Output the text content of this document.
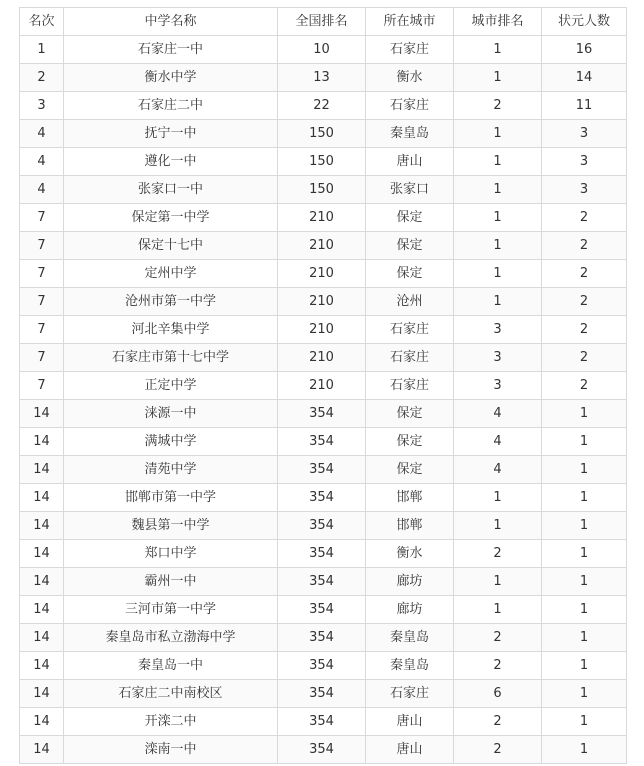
名次	中学名称	全国排名	所在城市	城市排名	状元人数
1	石家庄一中	10	石家庄	1	16
2	衡水中学	13	衡水	1	14
3	石家庄二中	22	石家庄	2	11
4	抚宁一中	150	秦皇岛	1	3
4	遵化一中	150	唐山	1	3
4	张家口一中	150	张家口	1	3
7	保定第一中学	210	保定	1	2
7	保定十七中	210	保定	1	2
7	定州中学	210	保定	1	2
7	沧州市第一中学	210	沧州	1	2
7	河北辛集中学	210	石家庄	3	2
7	石家庄市第十七中学	210	石家庄	3	2
7	正定中学	210	石家庄	3	2
14	涞源一中	354	保定	4	1
14	满城中学	354	保定	4	1
14	清苑中学	354	保定	4	1
14	邯郸市第一中学	354	邯郸	1	1
14	魏县第一中学	354	邯郸	1	1
14	郑口中学	354	衡水	2	1
14	霸州一中	354	廊坊	1	1
14	三河市第一中学	354	廊坊	1	1
14	秦皇岛市私立渤海中学	354	秦皇岛	2	1
14	秦皇岛一中	354	秦皇岛	2	1
14	石家庄二中南校区	354	石家庄	6	1
14	开滦二中	354	唐山	2	1
14	滦南一中	354	唐山	2	1
